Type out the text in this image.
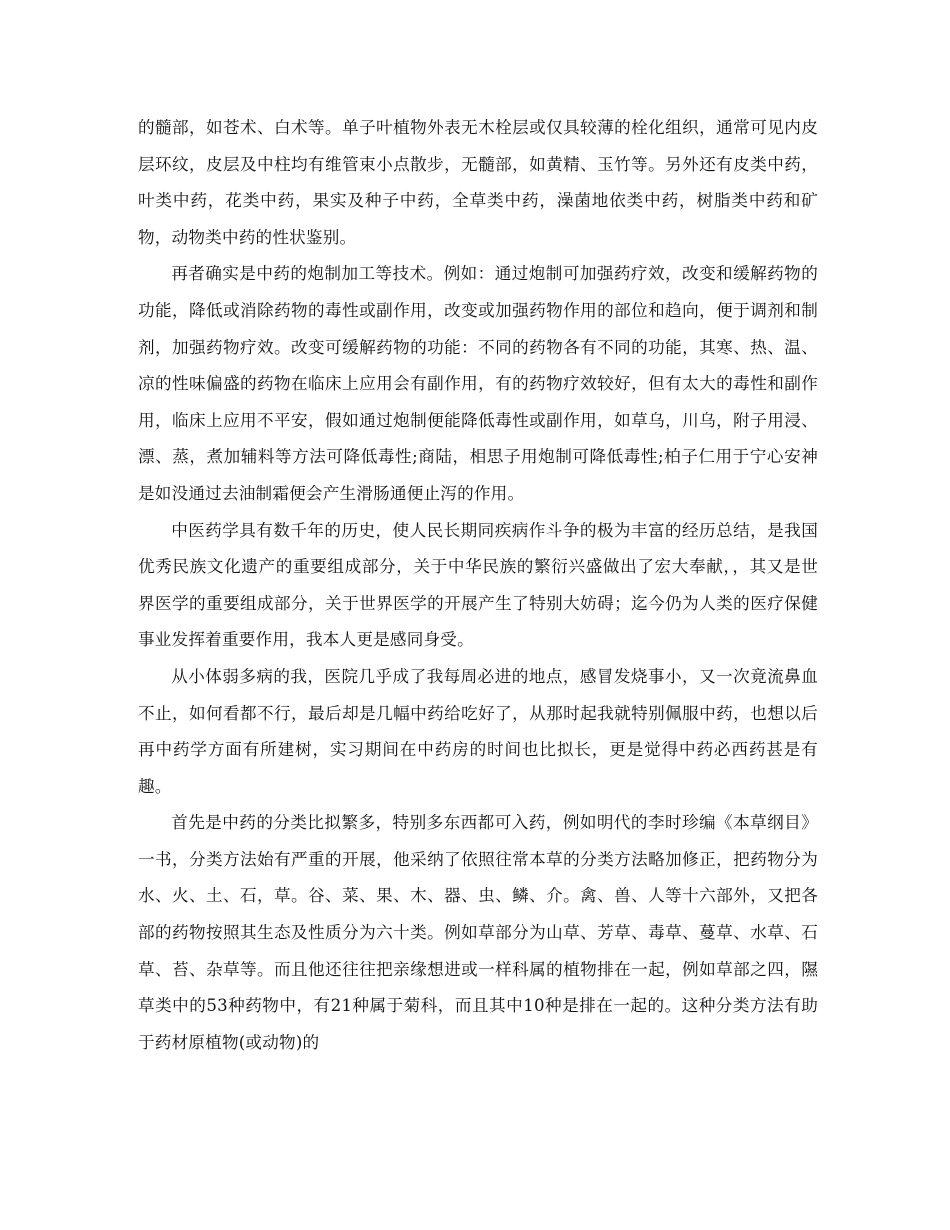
的髓部，如苍术、白术等。单子叶植物外表无木栓层或仅具较薄的栓化组织，通常可见内皮层环纹，皮层及中柱均有维管束小点散步，无髓部，如黄精、玉竹等。另外还有皮类中药，叶类中药，花类中药，果实及种子中药，全草类中药，澡菌地依类中药，树脂类中药和矿物，动物类中药的性状鉴别。

再者确实是中药的炮制加工等技术。例如：通过炮制可加强药疗效，改变和缓解药物的功能，降低或消除药物的毒性或副作用，改变或加强药物作用的部位和趋向，便于调剂和制剂，加强药物疗效。改变可缓解药物的功能：不同的药物各有不同的功能，其寒、热、温、凉的性味偏盛的药物在临床上应用会有副作用，有的药物疗效较好，但有太大的毒性和副作用，临床上应用不平安，假如通过炮制便能降低毒性或副作用，如草乌，川乌，附子用浸、漂、蒸，煮加辅料等方法可降低毒性;商陆，相思子用炮制可降低毒性;柏子仁用于宁心安神是如没通过去油制霜便会产生滑肠通便止泻的作用。

中医药学具有数千年的历史，使人民长期同疾病作斗争的极为丰富的经历总结，是我国优秀民族文化遗产的重要组成部分，关于中华民族的繁衍兴盛做出了宏大奉献，，其又是世界医学的重要组成部分，关于世界医学的开展产生了特别大妨碍；迄今仍为人类的医疗保健事业发挥着重要作用，我本人更是感同身受。

从小体弱多病的我，医院几乎成了我每周必进的地点，感冒发烧事小，又一次竟流鼻血不止，如何看都不行，最后却是几幅中药给吃好了，从那时起我就特别佩服中药，也想以后再中药学方面有所建树，实习期间在中药房的时间也比拟长，更是觉得中药必西药甚是有趣。

首先是中药的分类比拟繁多，特别多东西都可入药，例如明代的李时珍编《本草纲目》一书，分类方法始有严重的开展，他采纳了依照往常本草的分类方法略加修正，把药物分为水、火、土、石，草。谷、菜、果、木、器、虫、鳞、介。禽、兽、人等十六部外，又把各部的药物按照其生态及性质分为六十类。例如草部分为山草、芳草、毒草、蔓草、水草、石草、苔、杂草等。而且他还往往把亲缘想进或一样科属的植物排在一起，例如草部之四，隰草类中的53种药物中，有21种属于菊科，而且其中10种是排在一起的。这种分类方法有助于药材原植物(或动物)的
